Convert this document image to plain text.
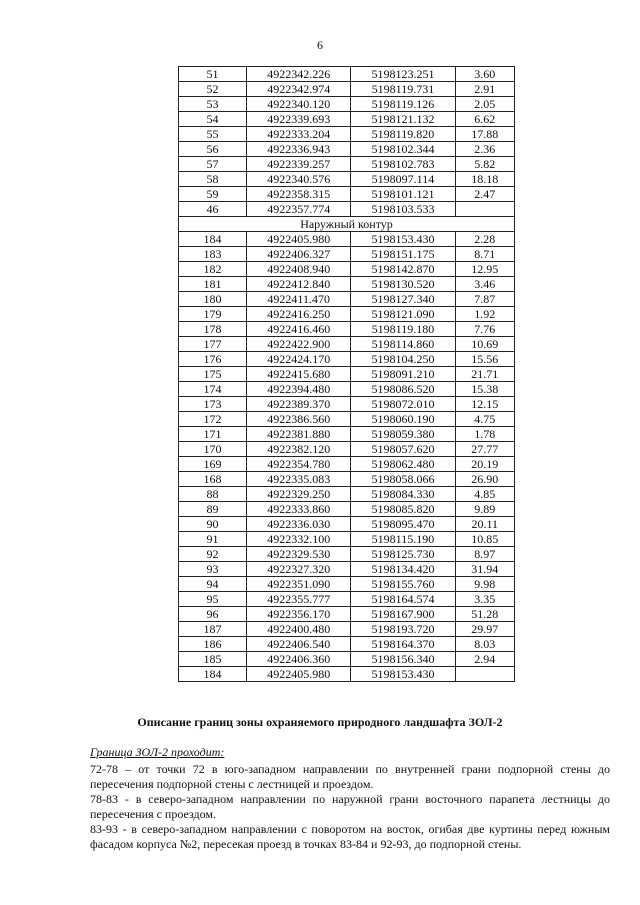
6
51	4922342.226	5198123.251	3.60
52	4922342.974	5198119.731	2.91
53	4922340.120	5198119.126	2.05
54	4922339.693	5198121.132	6.62
55	4922333.204	5198119.820	17.88
56	4922336.943	5198102.344	2.36
57	4922339.257	5198102.783	5.82
58	4922340.576	5198097.114	18.18
59	4922358.315	5198101.121	2.47
46	4922357.774	5198103.533	
Наружный контур			
184	4922405.980	5198153.430	2.28
183	4922406.327	5198151.175	8.71
182	4922408.940	5198142.870	12.95
181	4922412.840	5198130.520	3.46
180	4922411.470	5198127.340	7.87
179	4922416.250	5198121.090	1.92
178	4922416.460	5198119.180	7.76
177	4922422.900	5198114.860	10.69
176	4922424.170	5198104.250	15.56
175	4922415.680	5198091.210	21.71
174	4922394.480	5198086.520	15.38
173	4922389.370	5198072.010	12.15
172	4922386.560	5198060.190	4.75
171	4922381.880	5198059.380	1.78
170	4922382.120	5198057.620	27.77
169	4922354.780	5198062.480	20.19
168	4922335.083	5198058.066	26.90
88	4922329.250	5198084.330	4.85
89	4922333.860	5198085.820	9.89
90	4922336.030	5198095.470	20.11
91	4922332.100	5198115.190	10.85
92	4922329.530	5198125.730	8.97
93	4922327.320	5198134.420	31.94
94	4922351.090	5198155.760	9.98
95	4922355.777	5198164.574	3.35
96	4922356.170	5198167.900	51.28
187	4922400.480	5198193.720	29.97
186	4922406.540	5198164.370	8.03
185	4922406.360	5198156.340	2.94
184	4922405.980	5198153.430	
Описание границ зоны охраняемого природного ландшафта ЗОЛ-2
Граница ЗОЛ-2 проходит:
72-78 – от точки 72 в юго-западном направлении по внутренней грани подпорной стены до пересечения подпорной стены с лестницей и проездом.
78-83 - в северо-западном направлении по наружной грани восточного парапета лестницы до пересечения с проездом.
83-93 - в северо-западном направлении с поворотом на восток, огибая две куртины перед южным фасадом корпуса №2, пересекая проезд в точках 83-84 и 92-93, до подпорной стены.
